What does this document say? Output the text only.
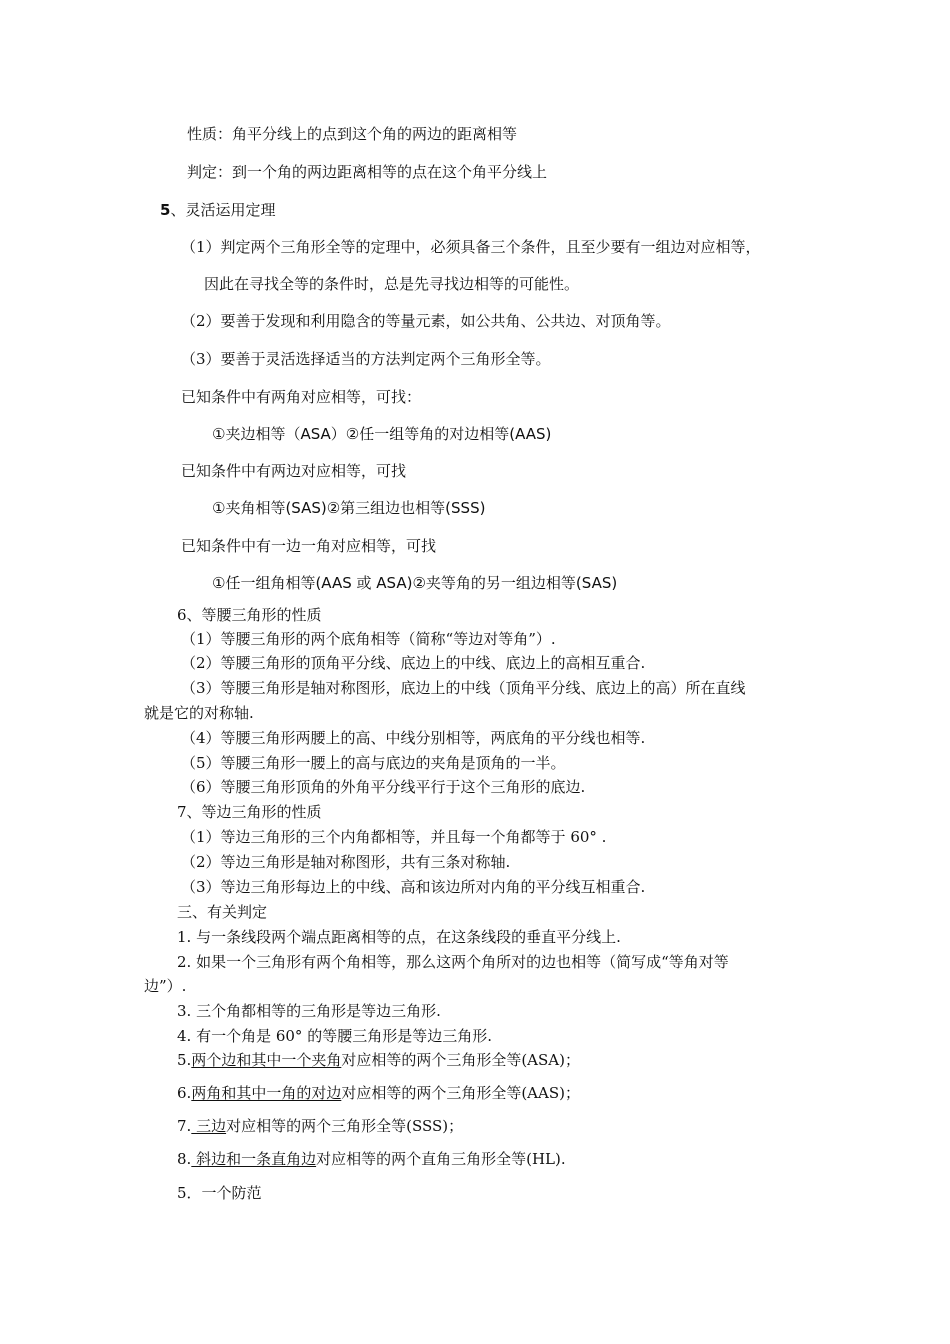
性质：角平分线上的点到这个角的两边的距离相等
判定：到一个角的两边距离相等的点在这个角平分线上
5、灵活运用定理
（1）判定两个三角形全等的定理中，必须具备三个条件，且至少要有一组边对应相等，
因此在寻找全等的条件时，总是先寻找边相等的可能性。
（2）要善于发现和利用隐含的等量元素，如公共角、公共边、对顶角等。
（3）要善于灵活选择适当的方法判定两个三角形全等。
已知条件中有两角对应相等，可找：
①夹边相等（ASA）②任一组等角的对边相等(AAS)
已知条件中有两边对应相等，可找
①夹角相等(SAS)②第三组边也相等(SSS)
已知条件中有一边一角对应相等，可找
①任一组角相等(AAS 或 ASA)②夹等角的另一组边相等(SAS)
6、等腰三角形的性质
（1）等腰三角形的两个底角相等（简称“等边对等角”）.
（2）等腰三角形的顶角平分线、底边上的中线、底边上的高相互重合.
（3）等腰三角形是轴对称图形，底边上的中线（顶角平分线、底边上的高）所在直线
就是它的对称轴.
（4）等腰三角形两腰上的高、中线分别相等，两底角的平分线也相等.
（5）等腰三角形一腰上的高与底边的夹角是顶角的一半。
（6）等腰三角形顶角的外角平分线平行于这个三角形的底边.
7、等边三角形的性质
（1）等边三角形的三个内角都相等，并且每一个角都等于 60° .
（2）等边三角形是轴对称图形，共有三条对称轴.
（3）等边三角形每边上的中线、高和该边所对内角的平分线互相重合.
三、有关判定
1. 与一条线段两个端点距离相等的点，在这条线段的垂直平分线上.
2. 如果一个三角形有两个角相等，那么这两个角所对的边也相等（简写成“等角对等
边”）.
3. 三个角都相等的三角形是等边三角形.
4. 有一个角是 60° 的等腰三角形是等边三角形.
5.两个边和其中一个夹角对应相等的两个三角形全等(ASA)；
6.两角和其中一角的对边对应相等的两个三角形全等(AAS)；
7. 三边对应相等的两个三角形全等(SSS)；
8. 斜边和一条直角边对应相等的两个直角三角形全等(HL).
5．一个防范
